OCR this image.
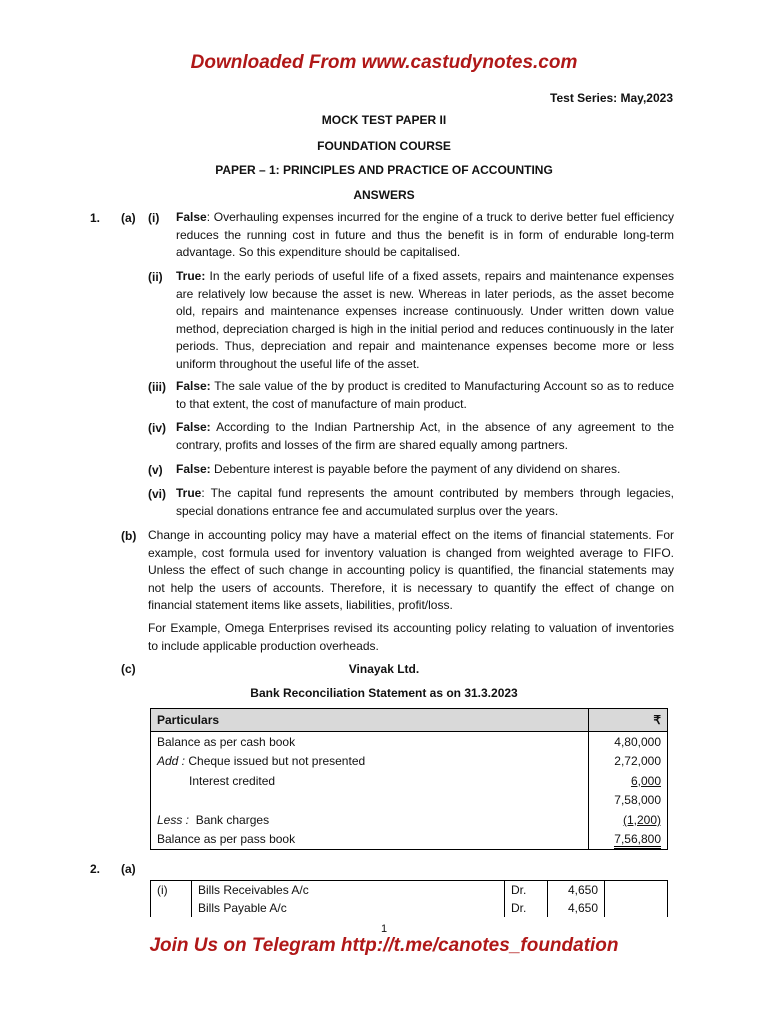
Downloaded From www.castudynotes.com
Test Series: May,2023
MOCK TEST PAPER II
FOUNDATION COURSE
PAPER – 1: PRINCIPLES AND PRACTICE OF ACCOUNTING
ANSWERS
1. (a) (i) False: Overhauling expenses incurred for the engine of a truck to derive better fuel efficiency reduces the running cost in future and thus the benefit is in form of endurable long-term advantage. So this expenditure should be capitalised.
(ii) True: In the early periods of useful life of a fixed assets, repairs and maintenance expenses are relatively low because the asset is new. Whereas in later periods, as the asset become old, repairs and maintenance expenses increase continuously. Under written down value method, depreciation charged is high in the initial period and reduces continuously in the later periods. Thus, depreciation and repair and maintenance expenses become more or less uniform throughout the useful life of the asset.
(iii) False: The sale value of the by product is credited to Manufacturing Account so as to reduce to that extent, the cost of manufacture of main product.
(iv) False: According to the Indian Partnership Act, in the absence of any agreement to the contrary, profits and losses of the firm are shared equally among partners.
(v) False: Debenture interest is payable before the payment of any dividend on shares.
(vi) True: The capital fund represents the amount contributed by members through legacies, special donations entrance fee and accumulated surplus over the years.
(b) Change in accounting policy may have a material effect on the items of financial statements. For example, cost formula used for inventory valuation is changed from weighted average to FIFO. Unless the effect of such change in accounting policy is quantified, the financial statements may not help the users of accounts. Therefore, it is necessary to quantify the effect of change on financial statement items like assets, liabilities, profit/loss.
For Example, Omega Enterprises revised its accounting policy relating to valuation of inventories to include applicable production overheads.
(c)	Vinayak Ltd.
Bank Reconciliation Statement as on 31.3.2023
Particulars	₹
Balance as per cash book	4,80,000
Add : Cheque issued but not presented	2,72,000
Interest credited	6,000
	7,58,000
Less : Bank charges	(1,200)
Balance as per pass book	7,56,800
2. (a)
(i)	Bills Receivables A/c	Dr.	4,650	
	Bills Payable A/c	Dr.	4,650	
1
Join Us on Telegram http://t.me/canotes_foundation
